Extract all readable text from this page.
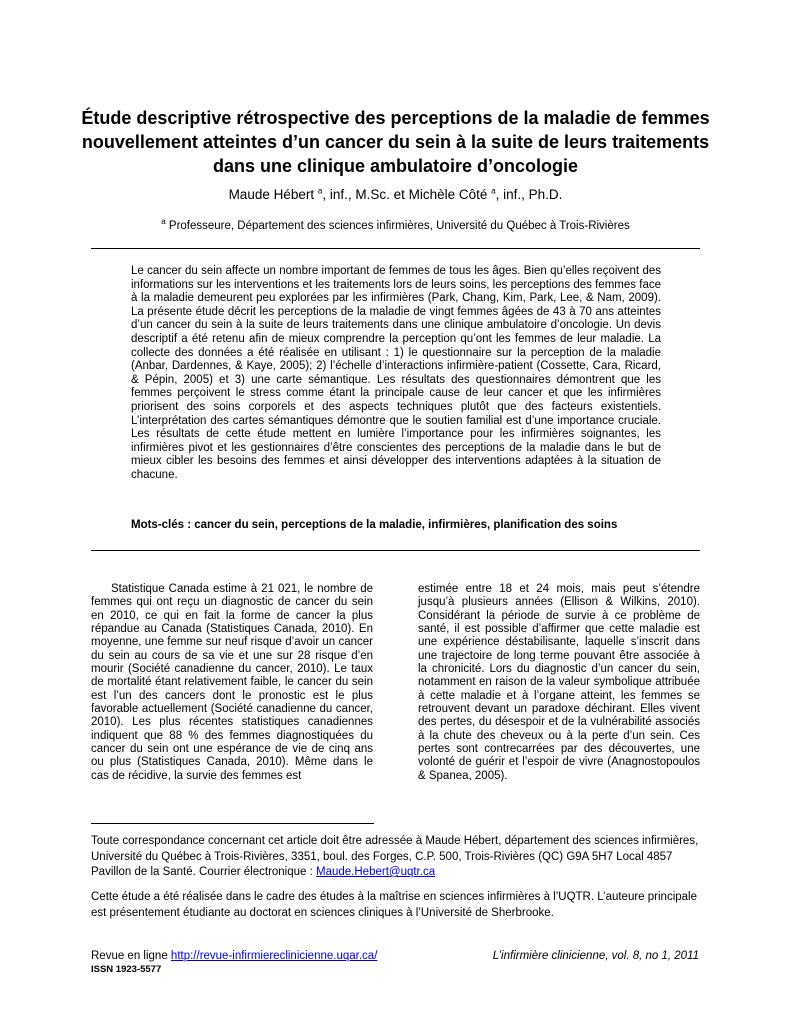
Étude descriptive rétrospective des perceptions de la maladie de femmes nouvellement atteintes d’un cancer du sein à la suite de leurs traitements dans une clinique ambulatoire d’oncologie
Maude Hébert $^a$, inf., M.Sc. et Michèle Côté $^a$, inf., Ph.D.
$^a$ Professeure, Département des sciences infirmières, Université du Québec à Trois-Rivières

Le cancer du sein affecte un nombre important de femmes de tous les âges. Bien qu’elles reçoivent des informations sur les interventions et les traitements lors de leurs soins, les perceptions des femmes face à la maladie demeurent peu explorées par les infirmières (Park, Chang, Kim, Park, Lee, & Nam, 2009). La présente étude décrit les perceptions de la maladie de vingt femmes âgées de 43 à 70 ans atteintes d’un cancer du sein à la suite de leurs traitements dans une clinique ambulatoire d’oncologie. Un devis descriptif a été retenu afin de mieux comprendre la perception qu’ont les femmes de leur maladie. La collecte des données a été réalisée en utilisant : 1) le questionnaire sur la perception de la maladie (Anbar, Dardennes, & Kaye, 2005); 2) l’échelle d’interactions infirmière-patient (Cossette, Cara, Ricard, & Pépin, 2005) et 3) une carte sémantique. Les résultats des questionnaires démontrent que les femmes perçoivent le stress comme étant la principale cause de leur cancer et que les infirmières priorisent des soins corporels et des aspects techniques plutôt que des facteurs existentiels. L’interprétation des cartes sémantiques démontre que le soutien familial est d’une importance cruciale. Les résultats de cette étude mettent en lumière l’importance pour les infirmières soignantes, les infirmières pivot et les gestionnaires d’être conscientes des perceptions de la maladie dans le but de mieux cibler les besoins des femmes et ainsi développer des interventions adaptées à la situation de chacune.

Mots-clés : cancer du sein, perceptions de la maladie, infirmières, planification des soins

Statistique Canada estime à 21 021, le nombre de femmes qui ont reçu un diagnostic de cancer du sein en 2010, ce qui en fait la forme de cancer la plus répandue au Canada (Statistiques Canada, 2010). En moyenne, une femme sur neuf risque d’avoir un cancer du sein au cours de sa vie et une sur 28 risque d’en mourir (Société canadienne du cancer, 2010). Le taux de mortalité étant relativement faible, le cancer du sein est l’un des cancers dont le pronostic est le plus favorable actuellement (Société canadienne du cancer, 2010). Les plus récentes statistiques canadiennes indiquent que 88 % des femmes diagnostiquées du cancer du sein ont une espérance de vie de cinq ans ou plus (Statistiques Canada, 2010). Même dans le cas de récidive, la survie des femmes est

estimée entre 18 et 24 mois, mais peut s’étendre jusqu’à plusieurs années (Ellison & Wilkins, 2010). Considérant la période de survie à ce problème de santé, il est possible d’affirmer que cette maladie est une expérience déstabilisante, laquelle s’inscrit dans une trajectoire de long terme pouvant être associée à la chronicité. Lors du diagnostic d’un cancer du sein, notamment en raison de la valeur symbolique attribuée à cette maladie et à l’organe atteint, les femmes se retrouvent devant un paradoxe déchirant. Elles vivent des pertes, du désespoir et de la vulnérabilité associés à la chute des cheveux ou à la perte d’un sein. Ces pertes sont contrecarrées par des découvertes, une volonté de guérir et l’espoir de vivre (Anagnostopoulos & Spanea, 2005).

Toute correspondance concernant cet article doit être adressée à Maude Hébert, département des sciences infirmières, Université du Québec à Trois-Rivières, 3351, boul. des Forges, C.P. 500, Trois-Rivières (QC) G9A 5H7 Local 4857 Pavillon de la Santé. Courrier électronique : Maude.Hebert@uqtr.ca

Cette étude a été réalisée dans le cadre des études à la maîtrise en sciences infirmières à l’UQTR. L’auteure principale est présentement étudiante au doctorat en sciences cliniques à l’Université de Sherbrooke.

Revue en ligne http://revue-infirmiereclinicienne.uqar.ca/
ISSN 1923-5577
L’infirmière clinicienne, vol. 8, no 1, 2011
